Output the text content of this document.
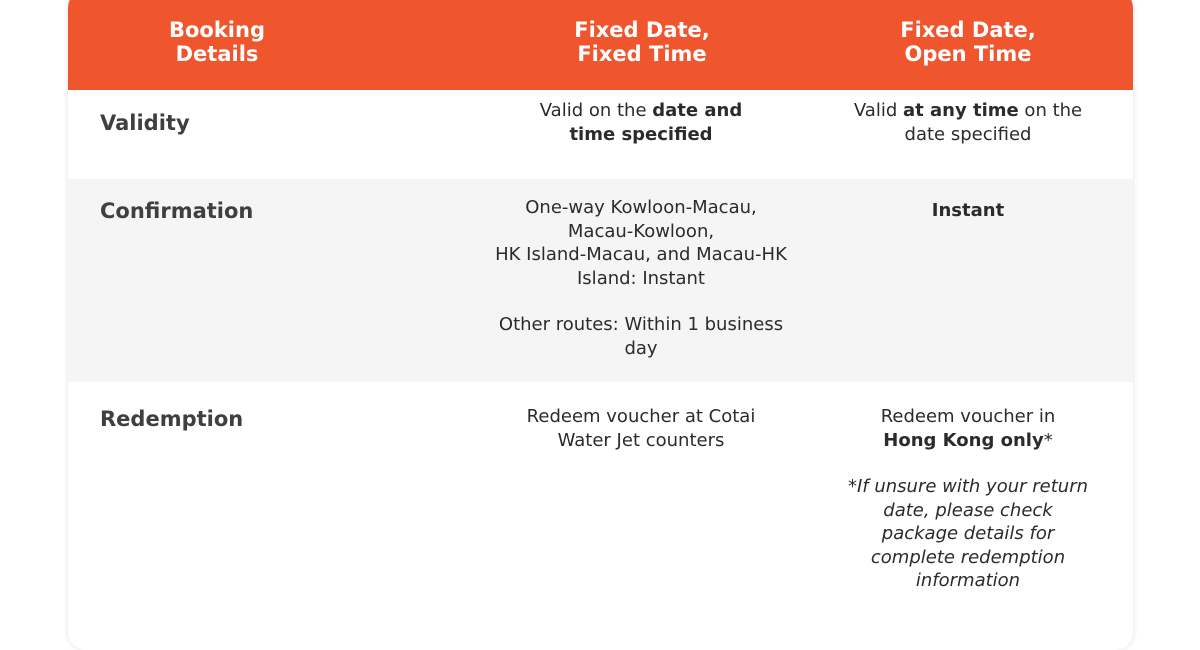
Booking
Details
Fixed Date,
Fixed Time
Fixed Date,
Open Time
Validity
Valid on the date and
time specified
Valid at any time on the
date specified
Confirmation	One-way Kowloon-Macau,
Macau-Kowloon,
HK Island-Macau, and Macau-HK
Island: Instant
Other routes: Within 1 business
day
Instant
Redemption	Redeem voucher at Cotai
Water Jet counters
Redeem voucher in
Hong Kong only*
*If unsure with your return
date, please check
package details for
complete redemption
information
